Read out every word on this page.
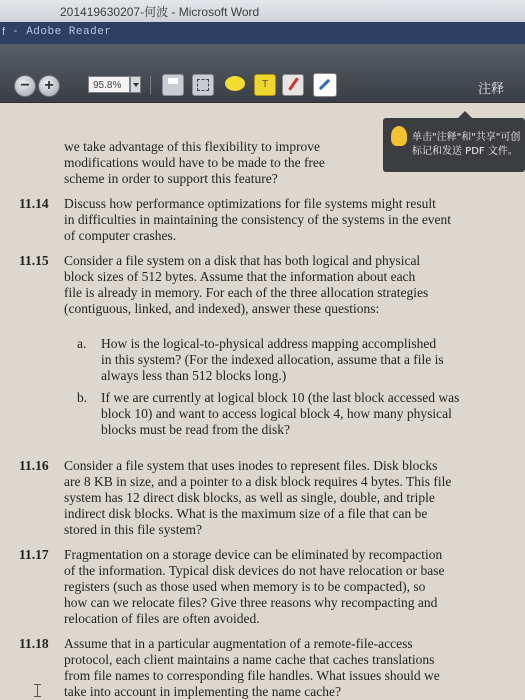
201419630207-何波 - Microsoft Word
f - Adobe Reader
− +	95.8%	T	注释
单击"注释"和"共享"可创
标记和发送 PDF 文件。
we take advantage of this flexibility to improve
modifications would have to be made to the free
scheme in order to support this feature?
11.14 Discuss how performance optimizations for file systems might result
in difficulties in maintaining the consistency of the systems in the event
of computer crashes.
11.15 Consider a file system on a disk that has both logical and physical
block sizes of 512 bytes. Assume that the information about each
file is already in memory. For each of the three allocation strategies
(contiguous, linked, and indexed), answer these questions:
a. How is the logical-to-physical address mapping accomplished
in this system? (For the indexed allocation, assume that a file is
always less than 512 blocks long.)
b. If we are currently at logical block 10 (the last block accessed was
block 10) and want to access logical block 4, how many physical
blocks must be read from the disk?
11.16 Consider a file system that uses inodes to represent files. Disk blocks
are 8 KB in size, and a pointer to a disk block requires 4 bytes. This file
system has 12 direct disk blocks, as well as single, double, and triple
indirect disk blocks. What is the maximum size of a file that can be
stored in this file system?
11.17 Fragmentation on a storage device can be eliminated by recompaction
of the information. Typical disk devices do not have relocation or base
registers (such as those used when memory is to be compacted), so
how can we relocate files? Give three reasons why recompacting and
relocation of files are often avoided.
11.18 Assume that in a particular augmentation of a remote-file-access
protocol, each client maintains a name cache that caches translations
from file names to corresponding file handles. What issues should we
take into account in implementing the name cache?
